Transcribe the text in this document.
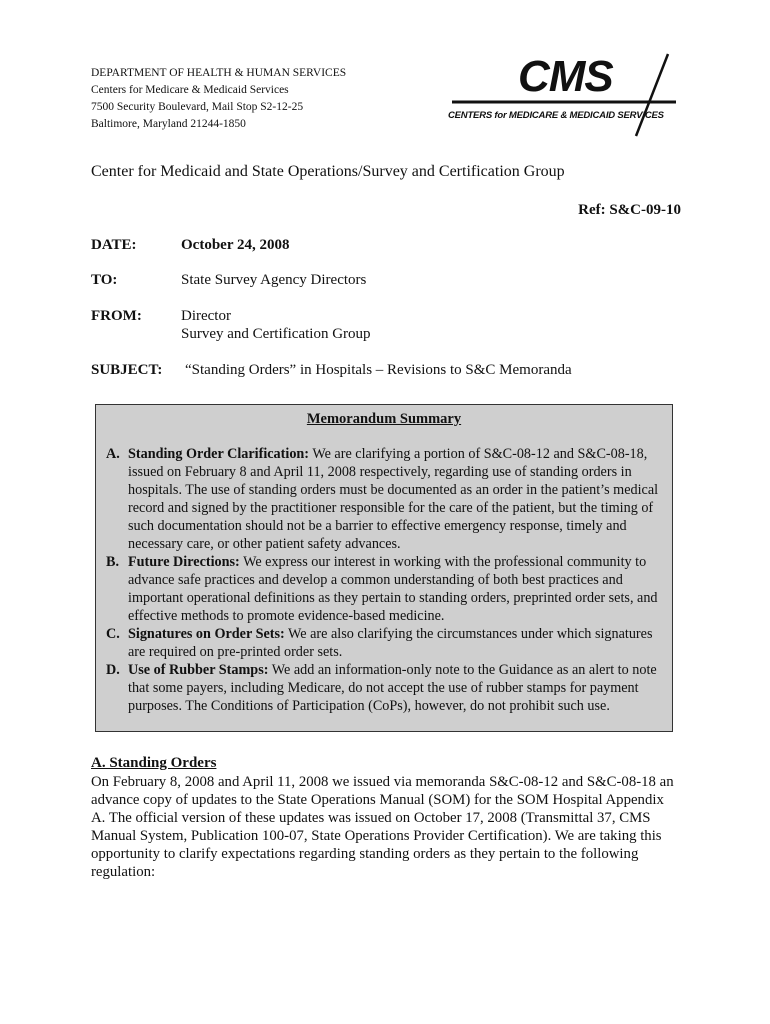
DEPARTMENT OF HEALTH & HUMAN SERVICES
Centers for Medicare & Medicaid Services
7500 Security Boulevard, Mail Stop S2-12-25
Baltimore, Maryland 21244-1850
CMS
CENTERS for MEDICARE & MEDICAID SERVICES
Center for Medicaid and State Operations/Survey and Certification Group
Ref: S&C-09-10
DATE:	October 24, 2008
TO:	State Survey Agency Directors
FROM:	Director
Survey and Certification Group
SUBJECT: “Standing Orders” in Hospitals – Revisions to S&C Memoranda
Memorandum Summary
A. Standing Order Clarification: We are clarifying a portion of S&C-08-12 and S&C-08-18, issued on February 8 and April 11, 2008 respectively, regarding use of standing orders in hospitals. The use of standing orders must be documented as an order in the patient’s medical record and signed by the practitioner responsible for the care of the patient, but the timing of such documentation should not be a barrier to effective emergency response, timely and necessary care, or other patient safety advances.
B. Future Directions: We express our interest in working with the professional community to advance safe practices and develop a common understanding of both best practices and important operational definitions as they pertain to standing orders, preprinted order sets, and effective methods to promote evidence-based medicine.
C. Signatures on Order Sets: We are also clarifying the circumstances under which signatures are required on pre-printed order sets.
D. Use of Rubber Stamps: We add an information-only note to the Guidance as an alert to note that some payers, including Medicare, do not accept the use of rubber stamps for payment purposes. The Conditions of Participation (CoPs), however, do not prohibit such use.
A. Standing Orders
On February 8, 2008 and April 11, 2008 we issued via memoranda S&C-08-12 and S&C-08-18 an advance copy of updates to the State Operations Manual (SOM) for the SOM Hospital Appendix A. The official version of these updates was issued on October 17, 2008 (Transmittal 37, CMS Manual System, Publication 100-07, State Operations Provider Certification). We are taking this opportunity to clarify expectations regarding standing orders as they pertain to the following regulation:
